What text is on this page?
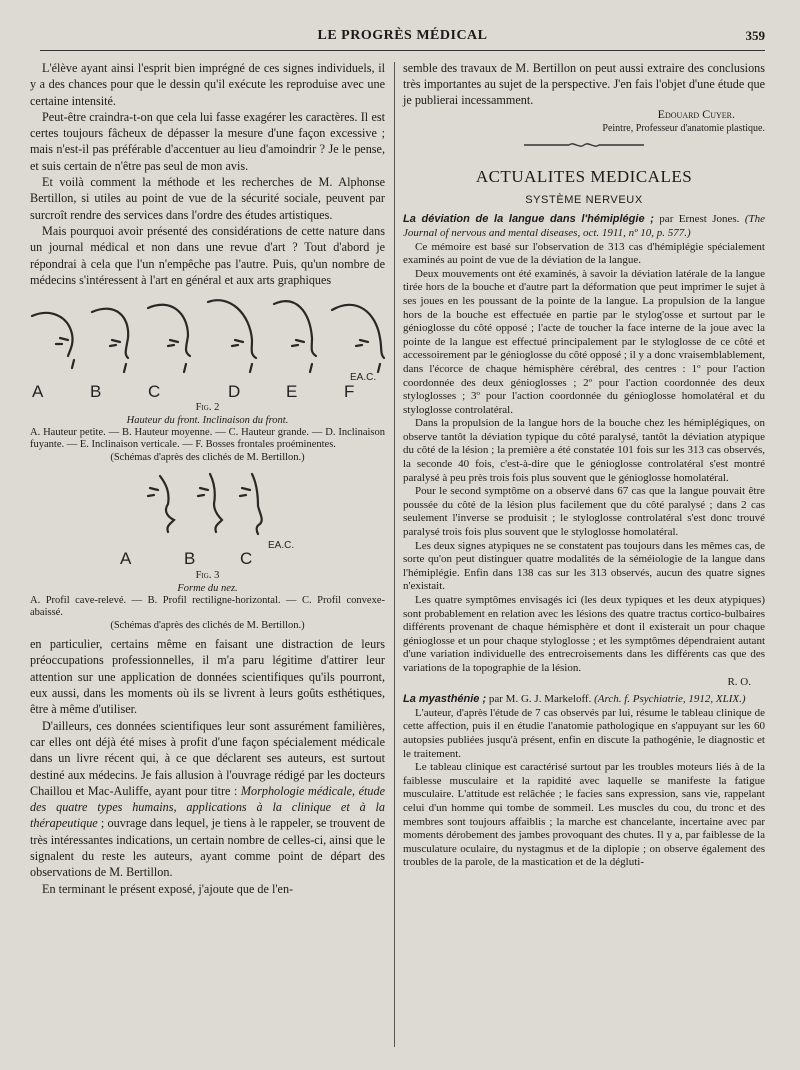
LE PROGRÈS MÉDICAL	359

L'élève ayant ainsi l'esprit bien imprégné de ces signes individuels, il y a des chances pour que le dessin qu'il exécute les reproduise avec une certaine intensité.

Peut-être craindra-t-on que cela lui fasse exagérer les caractères. Il est certes toujours fâcheux de dépasser la mesure d'une façon excessive ; mais n'est-il pas préférable d'accentuer au lieu d'amoindrir ? Je le pense, et suis certain de n'être pas seul de mon avis.

Et voilà comment la méthode et les recherches de M. Alphonse Bertillon, si utiles au point de vue de la sécurité sociale, peuvent par surcroît rendre des services dans l'ordre des études artistiques.

Mais pourquoi avoir présenté des considérations de cette nature dans un journal médical et non dans une revue d'art ? Tout d'abord je répondrai à cela que l'un n'empêche pas l'autre. Puis, qu'un nombre de médecins s'intéressent à l'art en général et aux arts graphiques

A	B	C	D	E	F
EA.C.
Fig. 2
Hauteur du front. Inclinaison du front.
A. Hauteur petite. — B. Hauteur moyenne. — C. Hauteur grande. — D. Inclinaison fuyante. — E. Inclinaison verticale. — F. Bosses frontales proéminentes.
(Schémas d'après des clichés de M. Bertillon.)
A	B	C
EA.C.
Fig. 3
Forme du nez.
A. Profil cave-relevé. — B. Profil rectiligne-horizontal. — C. Profil convexe-abaissé.
(Schémas d'après des clichés de M. Bertillon.)

en particulier, certains même en faisant une distraction de leurs préoccupations professionnelles, il m'a paru légitime d'attirer leur attention sur une application de données scientifiques qu'ils pourront, eux aussi, dans les moments où ils se livrent à leurs goûts esthétiques, être à même d'utiliser.

D'ailleurs, ces données scientifiques leur sont assurément familières, car elles ont déjà été mises à profit d'une façon spécialement médicale dans un livre récent qui, à ce que déclarent ses auteurs, est surtout destiné aux médecins. Je fais allusion à l'ouvrage rédigé par les docteurs Chaillou et Mac-Auliffe, ayant pour titre : Morphologie médicale, étude des quatre types humains, applications à la clinique et à la thérapeutique ; ouvrage dans lequel, je tiens à le rappeler, se trouvent de très intéressantes indications, un certain nombre de celles-ci, ainsi que le signalent du reste les auteurs, ayant comme point de départ des observations de M. Bertillon.

En terminant le présent exposé, j'ajoute que de l'en-

semble des travaux de M. Bertillon on peut aussi extraire des conclusions très importantes au sujet de la perspective. J'en fais l'objet d'une étude que je publierai incessamment.

Edouard Cuyer.
Peintre, Professeur d'anatomie plastique.
ACTUALITES MEDICALES
SYSTÈME NERVEUX

La déviation de la langue dans l'hémiplégie ; par Ernest Jones. (The Journal of nervous and mental diseases, oct. 1911, nº 10, p. 577.)

Ce mémoire est basé sur l'observation de 313 cas d'hémiplégie spécialement examinés au point de vue de la déviation de la langue.

Deux mouvements ont été examinés, à savoir la déviation latérale de la langue tirée hors de la bouche et d'autre part la déformation que peut imprimer le sujet à ses joues en les poussant de la pointe de la langue. La propulsion de la langue hors de la bouche est effectuée en partie par le stylog'osse et surtout par le génioglosse du côté opposé ; l'acte de toucher la face interne de la joue avec la pointe de la langue est effectué principalement par le styloglosse de ce côté et accessoirement par le génioglosse du côté opposé ; il y a donc vraisemblablement, dans l'écorce de chaque hémisphère cérébral, des centres : 1º pour l'action coordonnée des deux génioglosses ; 2º pour l'action coordonnée des deux styloglosses ; 3º pour l'action coordonnée du génioglosse homolatéral et du styloglosse controlatéral.

Dans la propulsion de la langue hors de la bouche chez les hémiplégiques, on observe tantôt la déviation typique du côté paralysé, tantôt la déviation atypique du côté de la lésion ; la première a été constatée 101 fois sur les 313 cas observés, la seconde 40 fois, c'est-à-dire que le génioglosse controlatéral s'est montré paralysé à peu près trois fois plus souvent que le génioglosse homolatéral.

Pour le second symptôme on a observé dans 67 cas que la langue pouvait être poussée du côté de la lésion plus facilement que du côté paralysé ; dans 2 cas seulement l'inverse se produisit ; le styloglosse controlatéral s'est donc trouvé paralysé trois fois plus souvent que le styloglosse homolatéral.

Les deux signes atypiques ne se constatent pas toujours dans les mêmes cas, de sorte qu'on peut distinguer quatre modalités de la séméiologie de la langue dans l'hémiplégie. Enfin dans 138 cas sur les 313 observés, aucun des quatre signes n'existait.

Les quatre symptômes envisagés ici (les deux typiques et les deux atypiques) sont probablement en relation avec les lésions des quatre tractus cortico-bulbaires différents provenant de chaque hémisphère et dont il existerait un pour chaque génioglosse et un pour chaque styloglosse ; et les symptômes dépendraient autant d'une variation individuelle des entrecroisements dans les différents cas que des variations de la topographie de la lésion.

R. O.

La myasthénie ; par M. G. J. Markeloff. (Arch. f. Psychiatrie, 1912, XLIX.)

L'auteur, d'après l'étude de 7 cas observés par lui, résume le tableau clinique de cette affection, puis il en étudie l'anatomie pathologique en s'appuyant sur les 60 autopsies publiées jusqu'à présent, enfin en discute la pathogénie, le diagnostic et le traitement.

Le tableau clinique est caractérisé surtout par les troubles moteurs liés à de la faiblesse musculaire et la rapidité avec laquelle se manifeste la fatigue musculaire. L'attitude est relâchée ; le facies sans expression, sans vie, rappelant celui d'un homme qui tombe de sommeil. Les muscles du cou, du tronc et des membres sont toujours affaiblis ; la marche est chancelante, incertaine avec par moments dérobement des jambes provoquant des chutes. Il y a, par faiblesse de la musculature oculaire, du nystagmus et de la diplopie ; on observe également des troubles de la parole, de la mastication et de la dégluti-
